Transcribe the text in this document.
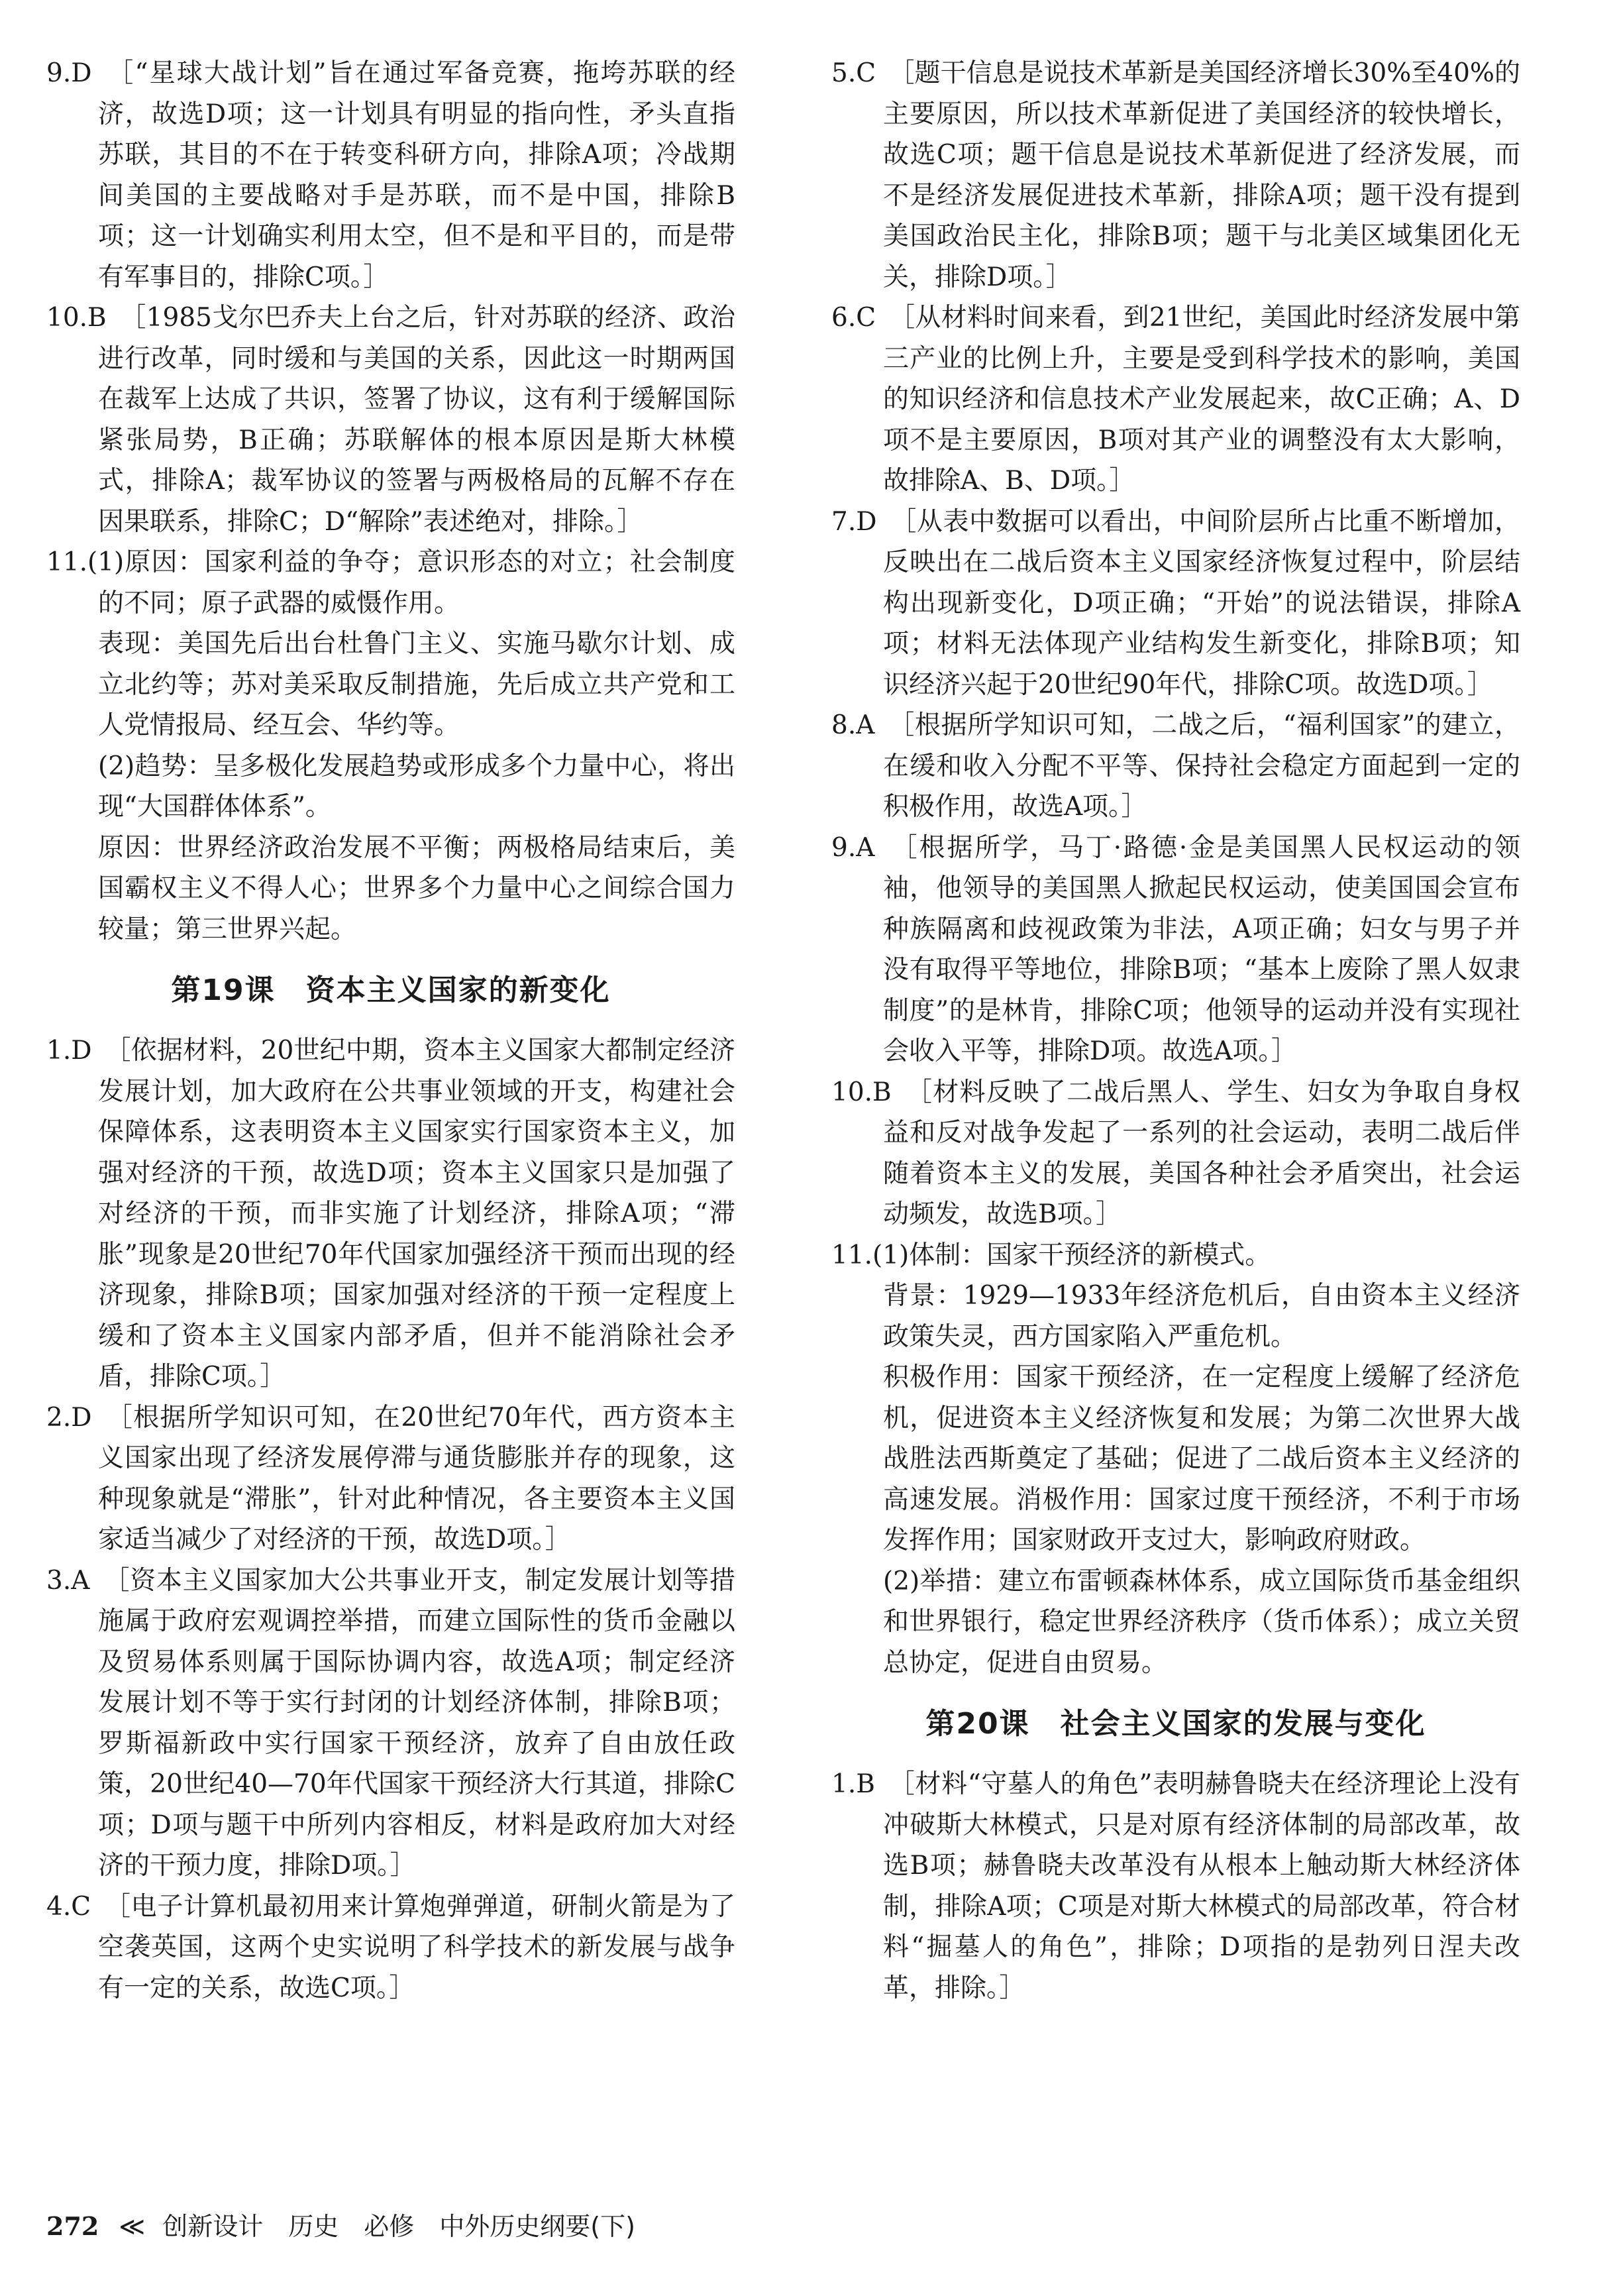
9.D　［“星球大战计划”旨在通过军备竞赛，拖垮苏联的经济，故选D项；这一计划具有明显的指向性，矛头直指苏联，其目的不在于转变科研方向，排除A项；冷战期间美国的主要战略对手是苏联，而不是中国，排除B项；这一计划确实利用太空，但不是和平目的，而是带有军事目的，排除C项。］

10.B　［1985戈尔巴乔夫上台之后，针对苏联的经济、政治进行改革，同时缓和与美国的关系，因此这一时期两国在裁军上达成了共识，签署了协议，这有利于缓解国际紧张局势，B正确；苏联解体的根本原因是斯大林模式，排除A；裁军协议的签署与两极格局的瓦解不存在因果联系，排除C；D“解除”表述绝对，排除。］

11.(1)原因：国家利益的争夺；意识形态的对立；社会制度的不同；原子武器的威慑作用。

表现：美国先后出台杜鲁门主义、实施马歇尔计划、成立北约等；苏对美采取反制措施，先后成立共产党和工人党情报局、经互会、华约等。

(2)趋势：呈多极化发展趋势或形成多个力量中心，将出现“大国群体体系”。

原因：世界经济政治发展不平衡；两极格局结束后，美国霸权主义不得人心；世界多个力量中心之间综合国力较量；第三世界兴起。

第19课　资本主义国家的新变化

1.D　［依据材料，20世纪中期，资本主义国家大都制定经济发展计划，加大政府在公共事业领域的开支，构建社会保障体系，这表明资本主义国家实行国家资本主义，加强对经济的干预，故选D项；资本主义国家只是加强了对经济的干预，而非实施了计划经济，排除A项；“滞胀”现象是20世纪70年代国家加强经济干预而出现的经济现象，排除B项；国家加强对经济的干预一定程度上缓和了资本主义国家内部矛盾，但并不能消除社会矛盾，排除C项。］

2.D　［根据所学知识可知，在20世纪70年代，西方资本主义国家出现了经济发展停滞与通货膨胀并存的现象，这种现象就是“滞胀”，针对此种情况，各主要资本主义国家适当减少了对经济的干预，故选D项。］

3.A　［资本主义国家加大公共事业开支，制定发展计划等措施属于政府宏观调控举措，而建立国际性的货币金融以及贸易体系则属于国际协调内容，故选A项；制定经济发展计划不等于实行封闭的计划经济体制，排除B项；罗斯福新政中实行国家干预经济，放弃了自由放任政策，20世纪40—70年代国家干预经济大行其道，排除C项；D项与题干中所列内容相反，材料是政府加大对经济的干预力度，排除D项。］

4.C　［电子计算机最初用来计算炮弹弹道，研制火箭是为了空袭英国，这两个史实说明了科学技术的新发展与战争有一定的关系，故选C项。］

5.C　［题干信息是说技术革新是美国经济增长30%至40%的主要原因，所以技术革新促进了美国经济的较快增长，故选C项；题干信息是说技术革新促进了经济发展，而不是经济发展促进技术革新，排除A项；题干没有提到美国政治民主化，排除B项；题干与北美区域集团化无关，排除D项。］

6.C　［从材料时间来看，到21世纪，美国此时经济发展中第三产业的比例上升，主要是受到科学技术的影响，美国的知识经济和信息技术产业发展起来，故C正确；A、D项不是主要原因，B项对其产业的调整没有太大影响，故排除A、B、D项。］

7.D　［从表中数据可以看出，中间阶层所占比重不断增加，反映出在二战后资本主义国家经济恢复过程中，阶层结构出现新变化，D项正确；“开始”的说法错误，排除A项；材料无法体现产业结构发生新变化，排除B项；知识经济兴起于20世纪90年代，排除C项。故选D项。］

8.A　［根据所学知识可知，二战之后，“福利国家”的建立，在缓和收入分配不平等、保持社会稳定方面起到一定的积极作用，故选A项。］

9.A　［根据所学，马丁·路德·金是美国黑人民权运动的领袖，他领导的美国黑人掀起民权运动，使美国国会宣布种族隔离和歧视政策为非法，A项正确；妇女与男子并没有取得平等地位，排除B项；“基本上废除了黑人奴隶制度”的是林肯，排除C项；他领导的运动并没有实现社会收入平等，排除D项。故选A项。］

10.B　［材料反映了二战后黑人、学生、妇女为争取自身权益和反对战争发起了一系列的社会运动，表明二战后伴随着资本主义的发展，美国各种社会矛盾突出，社会运动频发，故选B项。］

11.(1)体制：国家干预经济的新模式。

背景：1929—1933年经济危机后，自由资本主义经济政策失灵，西方国家陷入严重危机。

积极作用：国家干预经济，在一定程度上缓解了经济危机，促进资本主义经济恢复和发展；为第二次世界大战战胜法西斯奠定了基础；促进了二战后资本主义经济的高速发展。消极作用：国家过度干预经济，不利于市场发挥作用；国家财政开支过大，影响政府财政。

(2)举措：建立布雷顿森林体系，成立国际货币基金组织和世界银行，稳定世界经济秩序（货币体系）；成立关贸总协定，促进自由贸易。

第20课　社会主义国家的发展与变化

1.B　［材料“守墓人的角色”表明赫鲁晓夫在经济理论上没有冲破斯大林模式，只是对原有经济体制的局部改革，故选B项；赫鲁晓夫改革没有从根本上触动斯大林经济体制，排除A项；C项是对斯大林模式的局部改革，符合材料“掘墓人的角色”，排除；D项指的是勃列日涅夫改革，排除。］

272 ≪ 创新设计　历史　必修　中外历史纲要(下)
